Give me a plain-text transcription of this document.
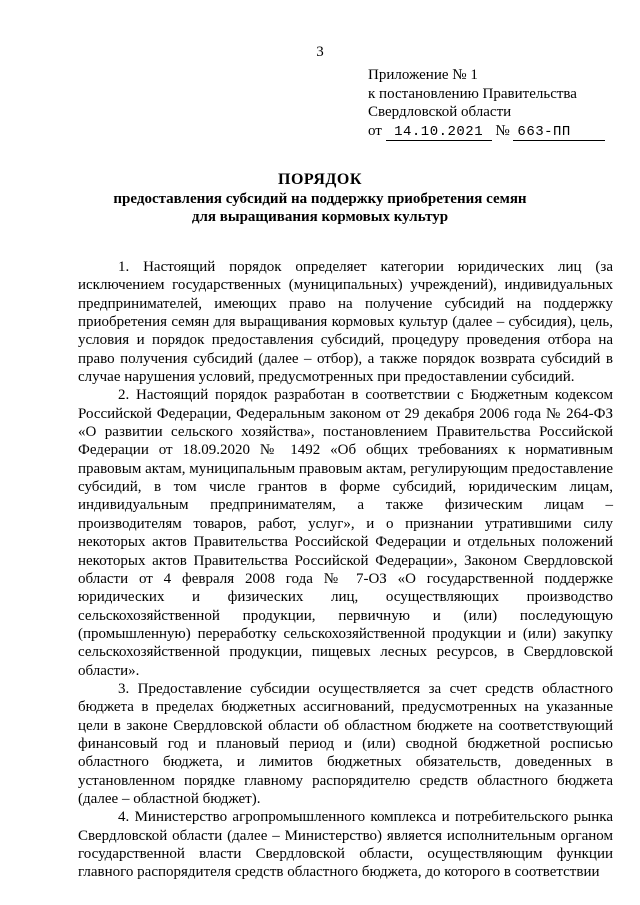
3
Приложение № 1
к постановлению Правительства
Свердловской области
от 14.10.2021 № 663-ПП
ПОРЯДОК
предоставления субсидий на поддержку приобретения семян
для выращивания кормовых культур

1. Настоящий порядок определяет категории юридических лиц (за исключением государственных (муниципальных) учреждений), индивидуальных предпринимателей, имеющих право на получение субсидий на поддержку приобретения семян для выращивания кормовых культур (далее – субсидия), цель, условия и порядок предоставления субсидий, процедуру проведения отбора на право получения субсидий (далее – отбор), а также порядок возврата субсидий в случае нарушения условий, предусмотренных при предоставлении субсидий.

2. Настоящий порядок разработан в соответствии с Бюджетным кодексом Российской Федерации, Федеральным законом от 29 декабря 2006 года № 264-ФЗ «О развитии сельского хозяйства», постановлением Правительства Российской Федерации от 18.09.2020 № 1492 «Об общих требованиях к нормативным правовым актам, муниципальным правовым актам, регулирующим предоставление субсидий, в том числе грантов в форме субсидий, юридическим лицам, индивидуальным предпринимателям, а также физическим лицам – производителям товаров, работ, услуг», и о признании утратившими силу некоторых актов Правительства Российской Федерации и отдельных положений некоторых актов Правительства Российской Федерации», Законом Свердловской области от 4 февраля 2008 года № 7-ОЗ «О государственной поддержке юридических и физических лиц, осуществляющих производство сельскохозяйственной продукции, первичную и (или) последующую (промышленную) переработку сельскохозяйственной продукции и (или) закупку сельскохозяйственной продукции, пищевых лесных ресурсов, в Свердловской области».

3. Предоставление субсидии осуществляется за счет средств областного бюджета в пределах бюджетных ассигнований, предусмотренных на указанные цели в законе Свердловской области об областном бюджете на соответствующий финансовый год и плановый период и (или) сводной бюджетной росписью областного бюджета, и лимитов бюджетных обязательств, доведенных в установленном порядке главному распорядителю средств областного бюджета (далее – областной бюджет).

4. Министерство агропромышленного комплекса и потребительского рынка Свердловской области (далее – Министерство) является исполнительным органом государственной власти Свердловской области, осуществляющим функции главного распорядителя средств областного бюджета, до которого в соответствии
